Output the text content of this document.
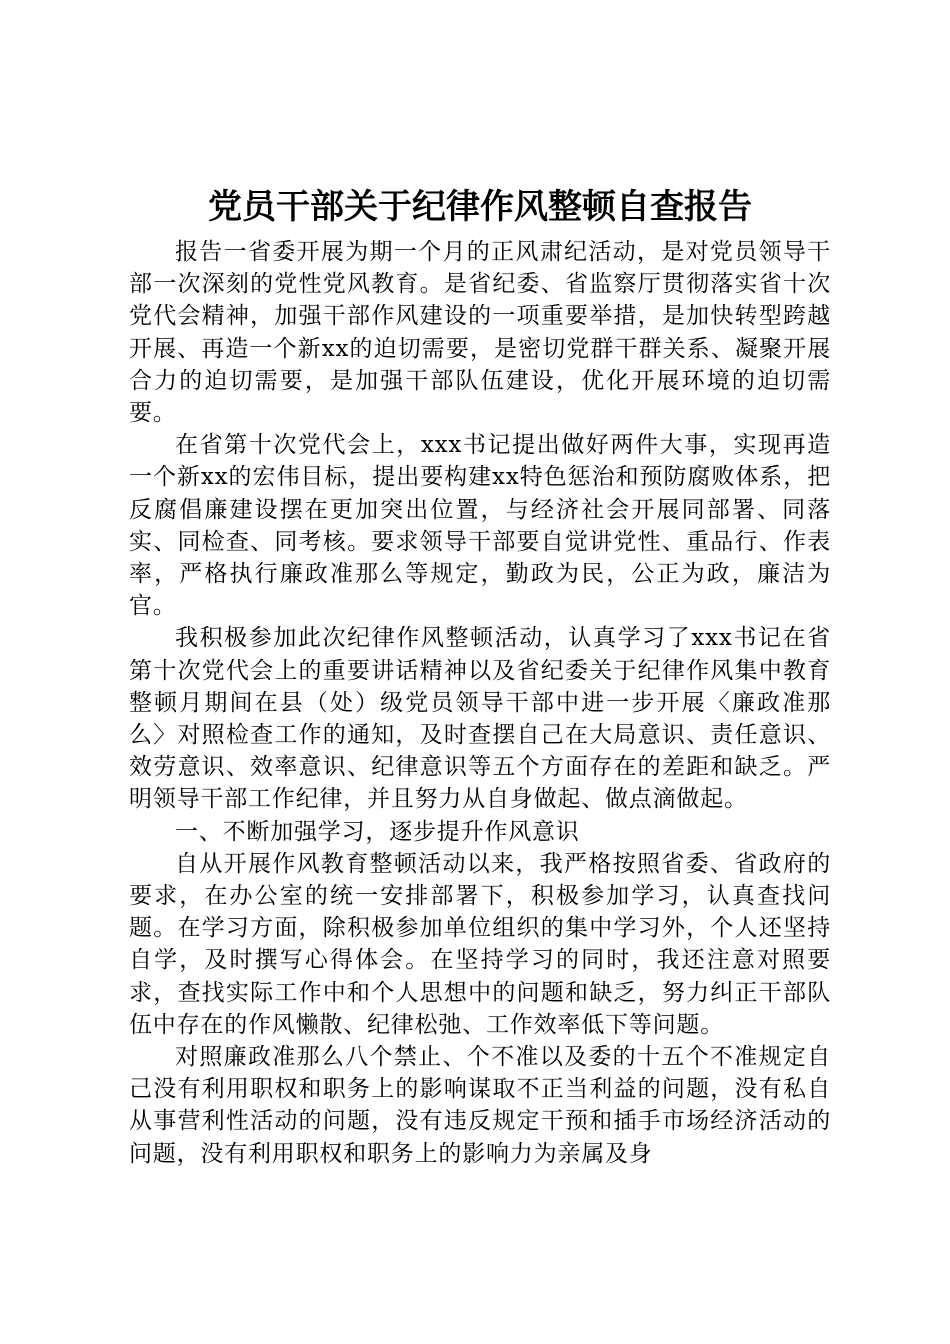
党员干部关于纪律作风整顿自查报告

报告一省委开展为期一个月的正风肃纪活动，是对党员领导干部一次深刻的党性党风教育。是省纪委、省监察厅贯彻落实省十次党代会精神，加强干部作风建设的一项重要举措，是加快转型跨越开展、再造一个新xx的迫切需要，是密切党群干群关系、凝聚开展合力的迫切需要，是加强干部队伍建设，优化开展环境的迫切需要。

在省第十次党代会上，xxx书记提出做好两件大事，实现再造一个新xx的宏伟目标，提出要构建xx特色惩治和预防腐败体系，把反腐倡廉建设摆在更加突出位置，与经济社会开展同部署、同落实、同检查、同考核。要求领导干部要自觉讲党性、重品行、作表率，严格执行廉政准那么等规定，勤政为民，公正为政，廉洁为官。

我积极参加此次纪律作风整顿活动，认真学习了xxx书记在省第十次党代会上的重要讲话精神以及省纪委关于纪律作风集中教育整顿月期间在县（处）级党员领导干部中进一步开展〈廉政准那么〉对照检查工作的通知，及时查摆自己在大局意识、责任意识、效劳意识、效率意识、纪律意识等五个方面存在的差距和缺乏。严明领导干部工作纪律，并且努力从自身做起、做点滴做起。

一、不断加强学习，逐步提升作风意识

自从开展作风教育整顿活动以来，我严格按照省委、省政府的要求，在办公室的统一安排部署下，积极参加学习，认真查找问题。在学习方面，除积极参加单位组织的集中学习外，个人还坚持自学，及时撰写心得体会。在坚持学习的同时，我还注意对照要求，查找实际工作中和个人思想中的问题和缺乏，努力纠正干部队伍中存在的作风懒散、纪律松弛、工作效率低下等问题。

对照廉政准那么八个禁止、个不准以及委的十五个不准规定自己没有利用职权和职务上的影响谋取不正当利益的问题，没有私自从事营利性活动的问题，没有违反规定干预和插手市场经济活动的问题，没有利用职权和职务上的影响力为亲属及身
